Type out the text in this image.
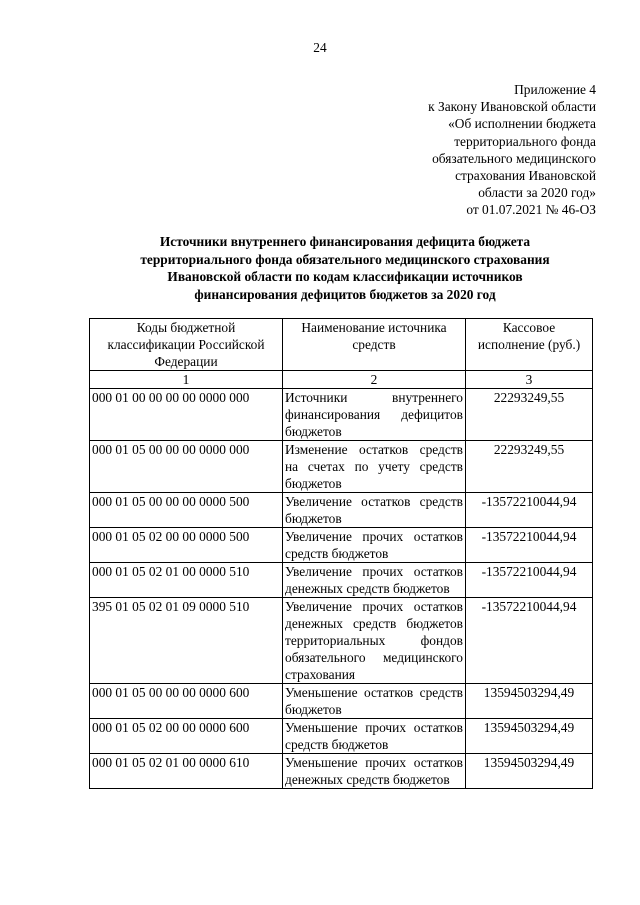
24
Приложение 4
к Закону Ивановской области
«Об исполнении бюджета
территориального фонда
обязательного медицинского
страхования Ивановской
области за 2020 год»
от 01.07.2021 № 46-ОЗ
Источники внутреннего финансирования дефицита бюджета
территориального фонда обязательного медицинского страхования
Ивановской области по кодам классификации источников
финансирования дефицитов бюджетов за 2020 год
Коды бюджетной классификации Российской Федерации	Наименование источника средств	Кассовое исполнение (руб.)
1	2	3
000 01 00 00 00 00 0000 000	Источники внутреннего финансирования дефицитов бюджетов	22293249,55
000 01 05 00 00 00 0000 000	Изменение остатков средств на счетах по учету средств бюджетов	22293249,55
000 01 05 00 00 00 0000 500	Увеличение остатков средств бюджетов	-13572210044,94
000 01 05 02 00 00 0000 500	Увеличение прочих остатков средств бюджетов	-13572210044,94
000 01 05 02 01 00 0000 510	Увеличение прочих остатков денежных средств бюджетов	-13572210044,94
395 01 05 02 01 09 0000 510	Увеличение прочих остатков денежных средств бюджетов территориальных фондов обязательного медицинского страхования	-13572210044,94
000 01 05 00 00 00 0000 600	Уменьшение остатков средств бюджетов	13594503294,49
000 01 05 02 00 00 0000 600	Уменьшение прочих остатков средств бюджетов	13594503294,49
000 01 05 02 01 00 0000 610	Уменьшение прочих остатков денежных средств бюджетов	13594503294,49
